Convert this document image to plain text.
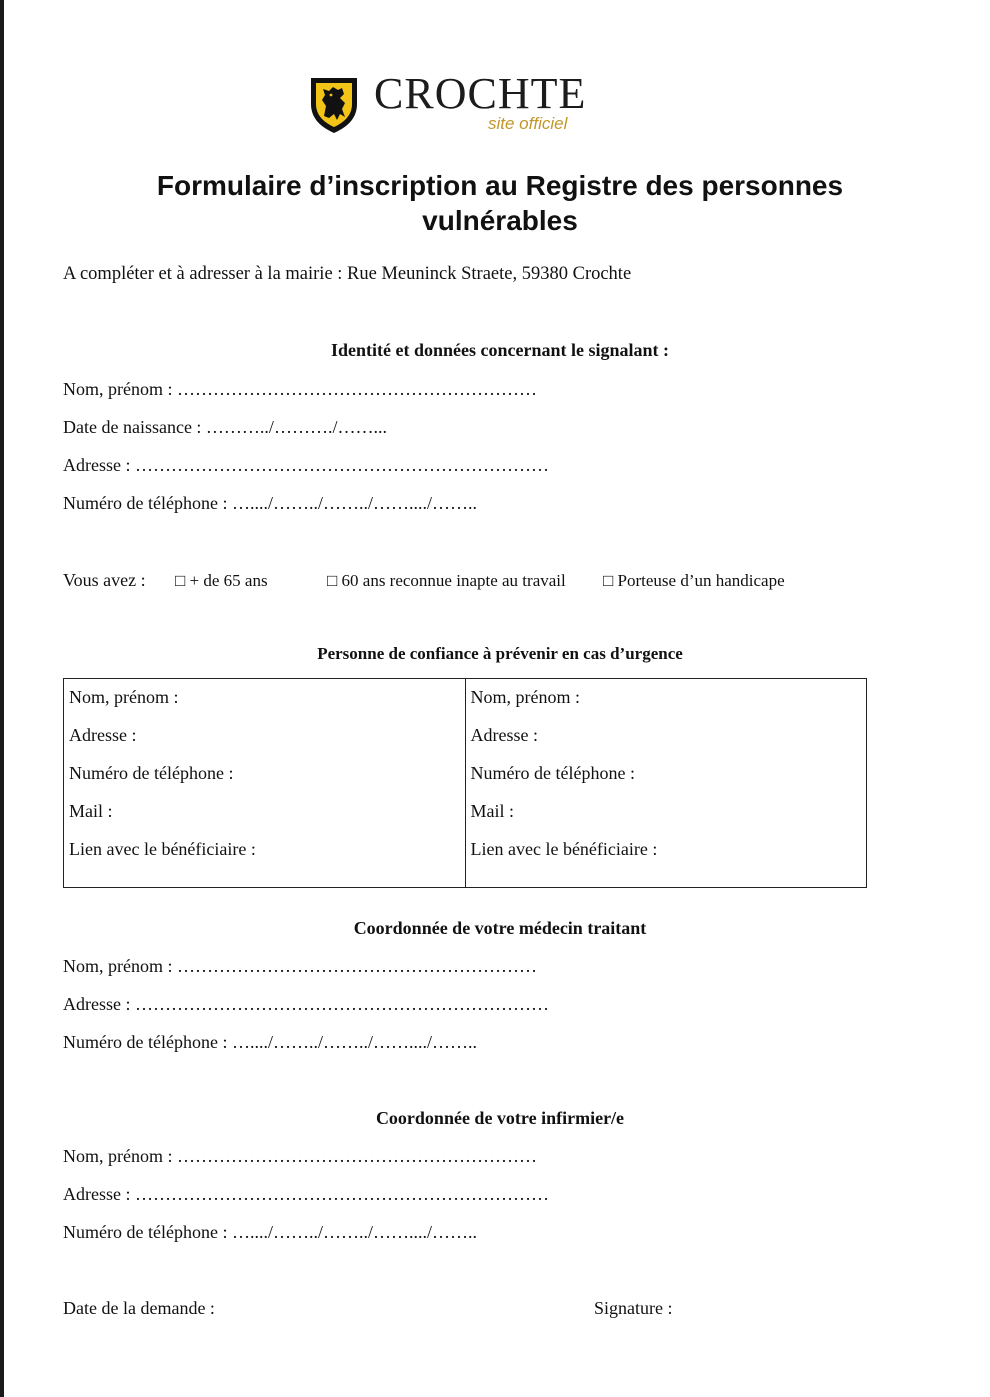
CROCHTE
site officiel
Formulaire d’inscription au Registre des personnes vulnérables
A compléter et à adresser à la mairie : Rue Meuninck Straete, 59380 Crochte
Identité et données concernant le signalant :
Nom, prénom : ……………………………………………………
Date de naissance : ………../………./……...
Adresse : ……………………………………………………………
Numéro de téléphone : …..../……../……../……..../……..
Vous avez : □ + de 65 ans	□ 60 ans reconnue inapte au travail □ Porteuse d’un handicape
Personne de confiance à prévenir en cas d’urgence
Nom, prénom :
Adresse :
Numéro de téléphone :
Mail :
Lien avec le bénéficiaire :

Nom, prénom :
Adresse :
Numéro de téléphone :
Mail :
Lien avec le bénéficiaire :
Coordonnée de votre médecin traitant
Nom, prénom : ……………………………………………………
Adresse : ……………………………………………………………
Numéro de téléphone : …..../……../……../……..../……..
Coordonnée de votre infirmier/e
Nom, prénom : ……………………………………………………
Adresse : ……………………………………………………………
Numéro de téléphone : …..../……../……../……..../……..
Date de la demande :	Signature :
